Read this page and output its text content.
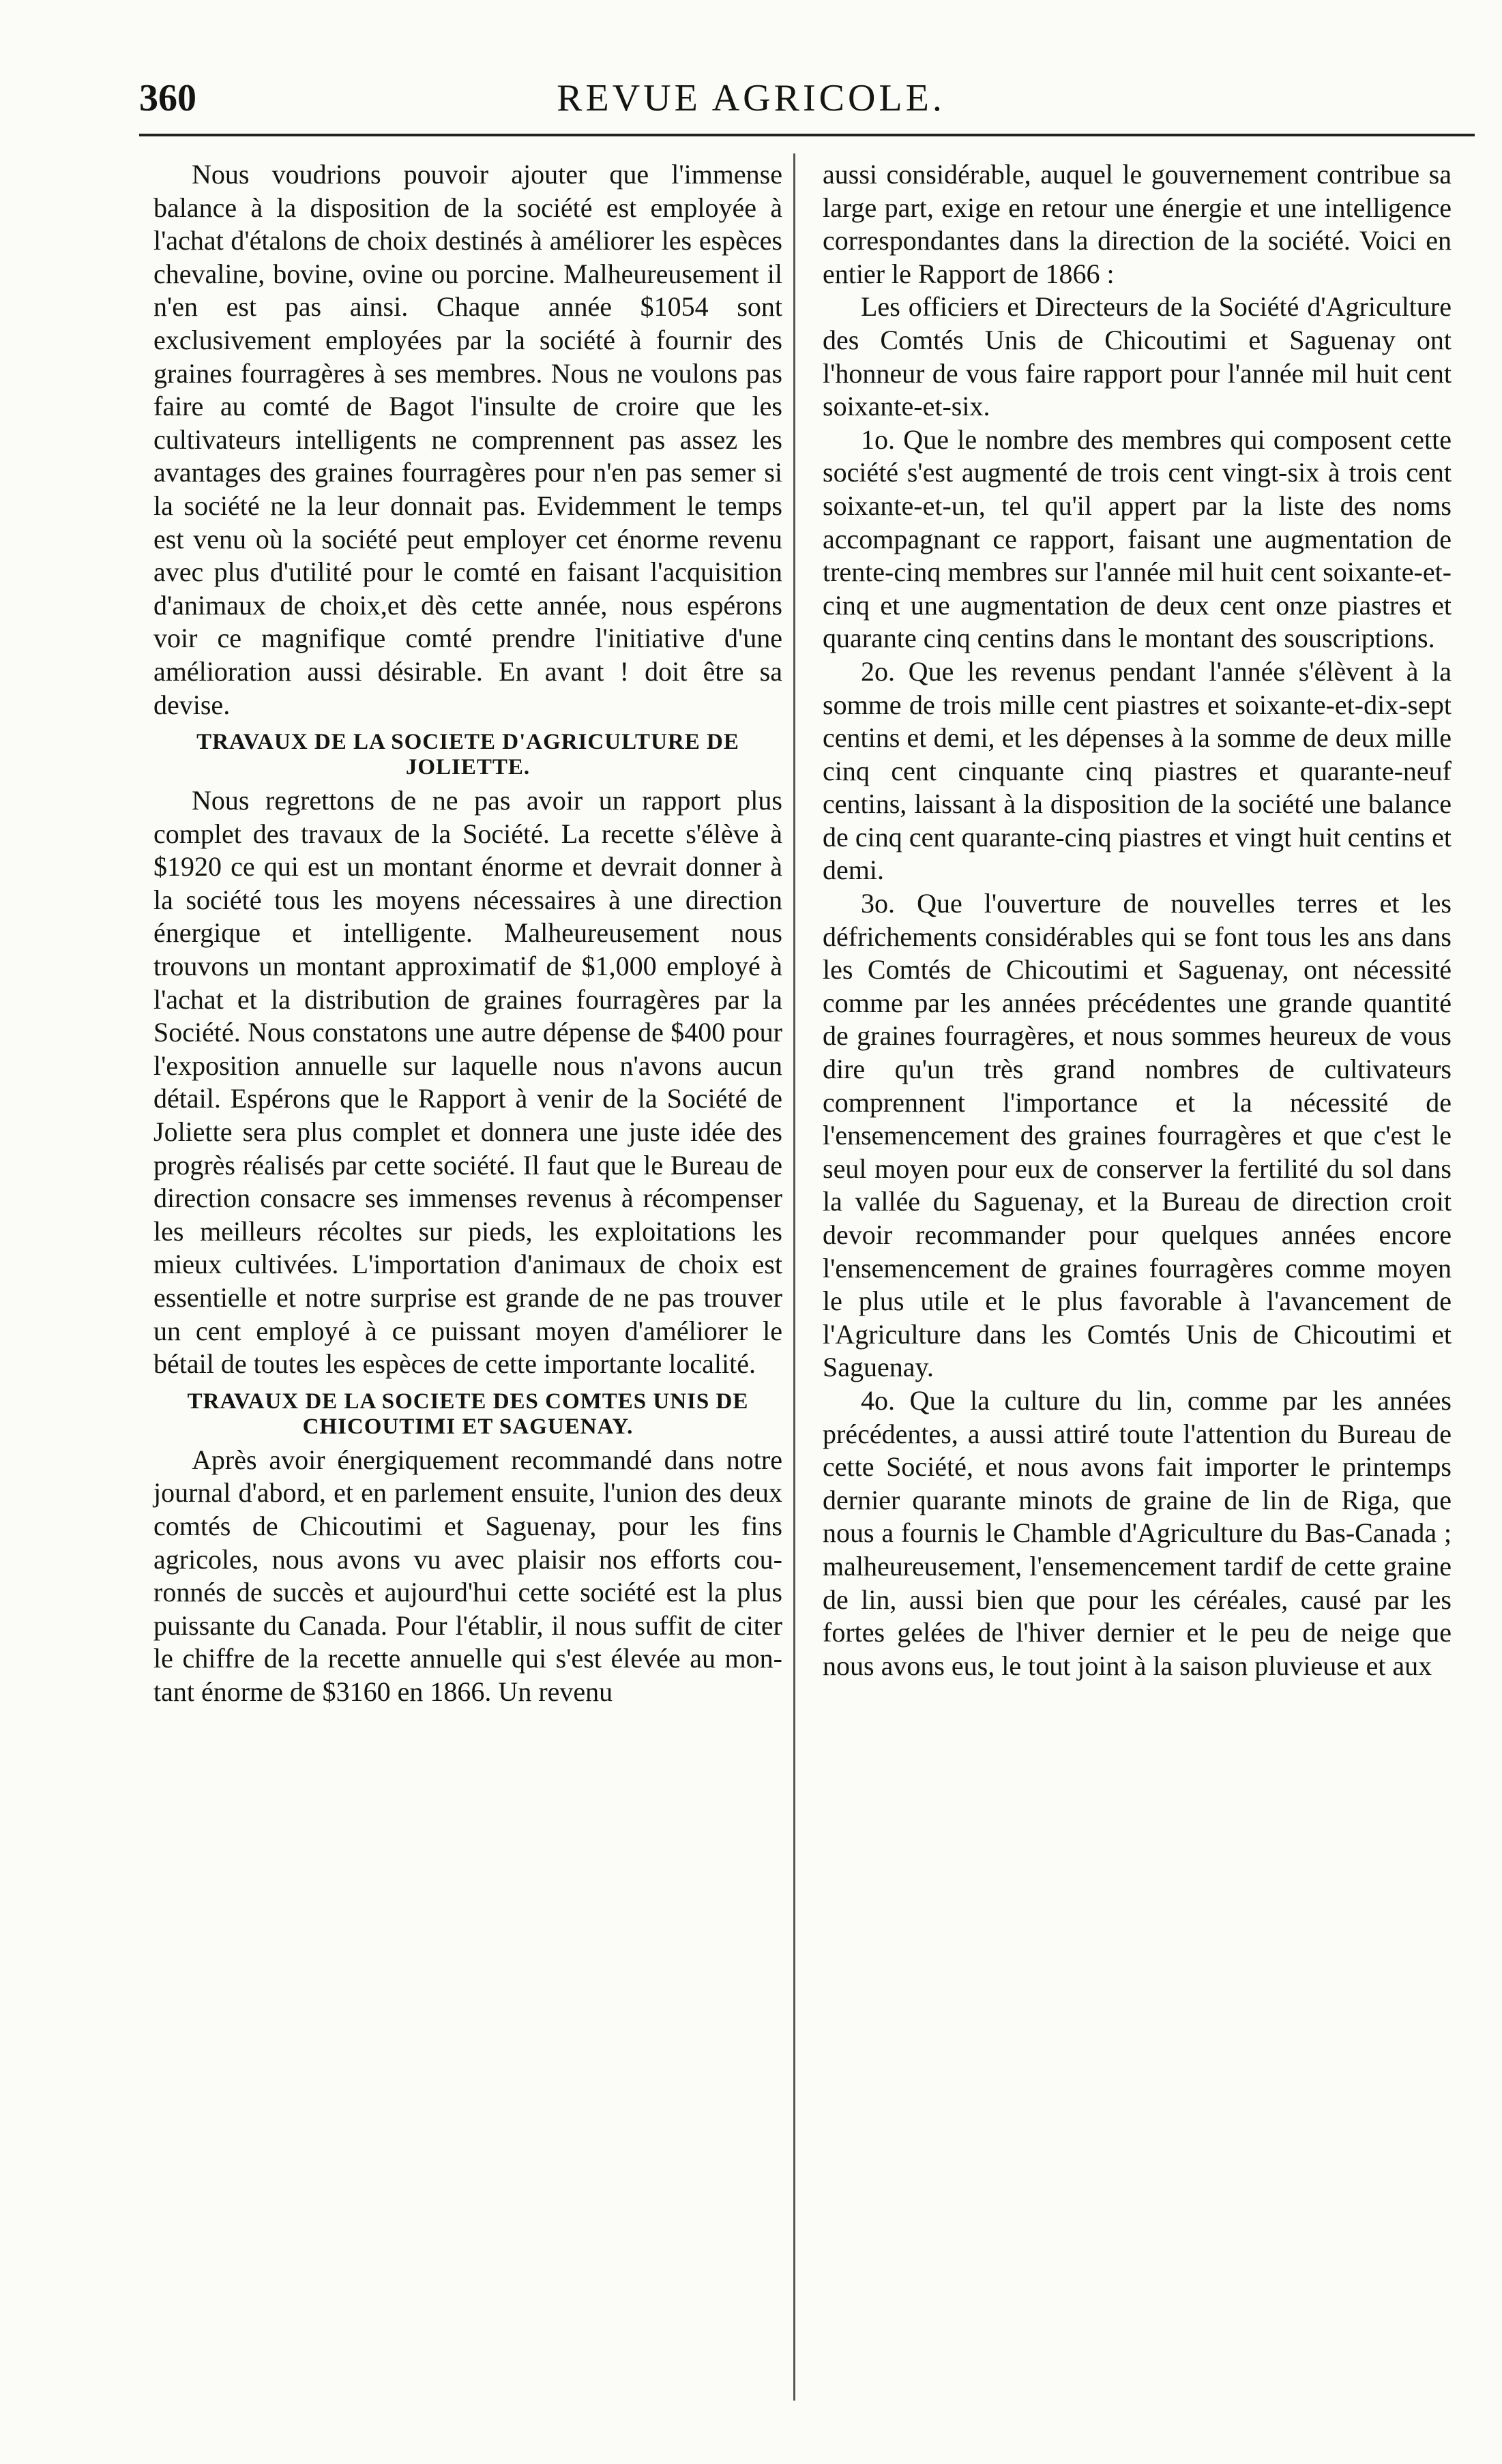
360	REVUE AGRICOLE.

Nous voudrions pouvoir ajouter que l'immense balance à la disposition de la société est employée à l'achat d'étalons de choix destinés à améliorer les espèces chevaline, bovine, ovine ou porcine. Malheureusement il n'en est pas ainsi. Chaque année $1054 sont exclusivement employées par la société à fournir des graines fourragères à ses membres. Nous ne voulons pas faire au comté de Bagot l'insulte de croire que les cultivateurs intelligents ne comprennent pas assez les avantages des graines fourragères pour n'en pas semer si la société ne la leur donnait pas. Evidemment le temps est venu où la société peut employer cet énorme revenu avec plus d'utilité pour le comté en faisant l'acquisition d'animaux de choix,et dès cette année, nous espérons voir ce magnifique comté prendre l'initiative d'une amélioration aussi désirable. En avant ! doit être sa devise.

TRAVAUX DE LA SOCIETE D'AGRICULTURE DE JOLIETTE.

Nous regrettons de ne pas avoir un rapport plus complet des travaux de la Société. La recette s'élève à $1920 ce qui est un montant énorme et devrait donner à la société tous les moyens nécessaires à une direction énergique et intelligente. Malheureusement nous trouvons un montant approximatif de $1,000 employé à l'achat et la distribution de graines fourragères par la Société. Nous constatons une autre dépense de $400 pour l'exposition annuelle sur laquelle nous n'avons aucun détail. Espérons que le Rapport à venir de la Société de Joliette sera plus complet et donnera une juste idée des progrès réalisés par cette société. Il faut que le Bureau de direction consacre ses immenses revenus à récompenser les meilleurs récoltes sur pieds, les exploitations les mieux cultivées. L'importation d'animaux de choix est essentielle et notre surprise est grande de ne pas trouver un cent employé à ce puissant moyen d'améliorer le bétail de toutes les espèces de cette importante localité.

TRAVAUX DE LA SOCIETE DES COMTES UNIS DE CHICOUTIMI ET SAGUENAY.

Après avoir énergiquement recommandé dans notre journal d'abord, et en parlement ensuite, l'union des deux comtés de Chicoutimi et Saguenay, pour les fins agricoles, nous avons vu avec plaisir nos efforts couronnés de succès et aujourd'hui cette société est la plus puissante du Canada. Pour l'établir, il nous suffit de citer le chiffre de la recette annuelle qui s'est élevée au montant énorme de $3160 en 1866. Un revenu

aussi considérable, auquel le gouvernement contribue sa large part, exige en retour une énergie et une intelligence correspondantes dans la direction de la société. Voici en entier le Rapport de 1866 :

Les officiers et Directeurs de la Société d'Agriculture des Comtés Unis de Chicoutimi et Saguenay ont l'honneur de vous faire rapport pour l'année mil huit cent soixante-et-six.

1o. Que le nombre des membres qui composent cette société s'est augmenté de trois cent vingt-six à trois cent soixante-et-un, tel qu'il appert par la liste des noms accompagnant ce rapport, faisant une augmentation de trente-cinq membres sur l'année mil huit cent soixante-et-cinq et une augmentation de deux cent onze piastres et quarante cinq centins dans le montant des souscriptions.

2o. Que les revenus pendant l'année s'élèvent à la somme de trois mille cent piastres et soixante-et-dix-sept centins et demi, et les dépenses à la somme de deux mille cinq cent cinquante cinq piastres et quarante-neuf centins, laissant à la disposition de la société une balance de cinq cent quarante-cinq piastres et vingt huit centins et demi.

3o. Que l'ouverture de nouvelles terres et les défrichements considérables qui se font tous les ans dans les Comtés de Chicoutimi et Saguenay, ont nécessité comme par les années précédentes une grande quantité de graines fourragères, et nous sommes heureux de vous dire qu'un très grand nombres de cultivateurs comprennent l'importance et la nécessité de l'ensemencement des graines fourragères et que c'est le seul moyen pour eux de conserver la fertilité du sol dans la vallée du Saguenay, et la Bureau de direction croit devoir recommander pour quelques années encore l'ensemencement de graines fourragères comme moyen le plus utile et le plus favorable à l'avancement de l'Agriculture dans les Comtés Unis de Chicoutimi et Saguenay.

4o. Que la culture du lin, comme par les années précédentes, a aussi attiré toute l'attention du Bureau de cette Société, et nous avons fait importer le printemps dernier quarante minots de graine de lin de Riga, que nous a fournis le Chamble d'Agriculture du Bas-Canada ; malheureusement, l'ensemencement tardif de cette graine de lin, aussi bien que pour les céréales, causé par les fortes gelées de l'hiver dernier et le peu de neige que nous avons eus, le tout joint à la saison pluvieuse et aux
